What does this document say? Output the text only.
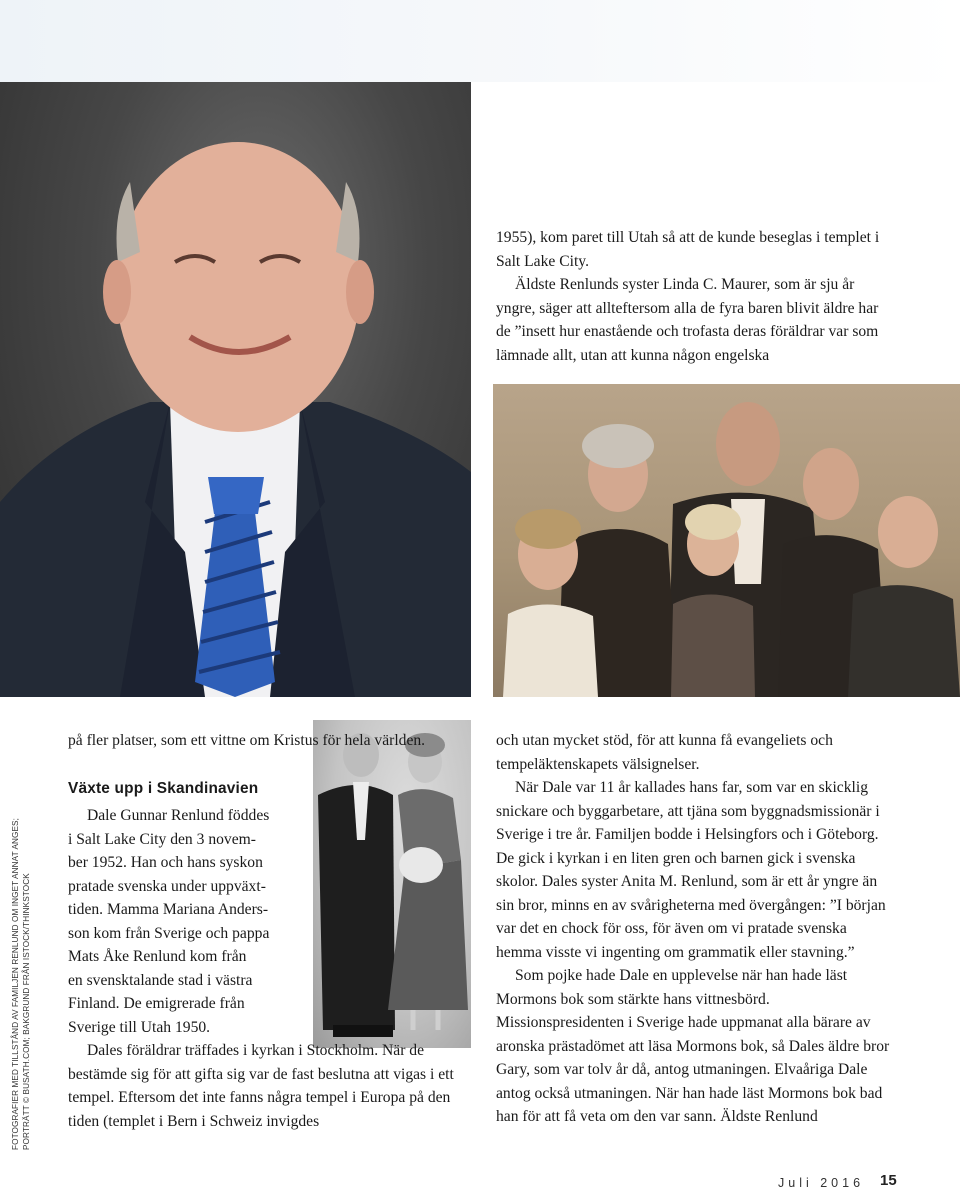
1955), kom paret till Utah så att de kunde beseglas i templet i Salt Lake City.

Äldste Renlunds syster Linda C. Maurer, som är sju år yngre, säger att allteftersom alla de fyra baren blivit äldre har de ”insett hur enastående och trofasta deras föräldrar var som lämnade allt, utan att kunna någon engelska

på fler platser, som ett vittne om Kristus för hela världen.

Växte upp i Skandinavien

Dale Gunnar Renlund föddes
i Salt Lake City den 3 novem-
ber 1952. Han och hans syskon
pratade svenska under uppväxt-
tiden. Mamma Mariana Anders-
son kom från Sverige och pappa
Mats Åke Renlund kom från
en svensktalande stad i västra
Finland. De emigrerade från
Sverige till Utah 1950.

Dales föräldrar träffades i kyrkan i Stockholm. När de bestämde sig för att gifta sig var de fast beslutna att vigas i ett tempel. Eftersom det inte fanns några tempel i Europa på den tiden (templet i Bern i Schweiz invigdes

och utan mycket stöd, för att kunna få evangeliets och tempeläktenskapets välsignelser.

När Dale var 11 år kallades hans far, som var en skicklig snickare och byggarbetare, att tjäna som byggnadsmissionär i Sverige i tre år. Familjen bodde i Helsingfors och i Göteborg. De gick i kyrkan i en liten gren och barnen gick i svenska skolor. Dales syster Anita M. Renlund, som är ett år yngre än sin bror, minns en av svårigheterna med övergången: ”I början var det en chock för oss, för även om vi pratade svenska hemma visste vi ingenting om grammatik eller stavning.”

Som pojke hade Dale en upplevelse när han hade läst Mormons bok som stärkte hans vittnesbörd. Missionspresidenten i Sverige hade uppmanat alla bärare av aronska prästadömet att läsa Mormons bok, så Dales äldre bror Gary, som var tolv år då, antog utmaningen. Elvaåriga Dale antog också utmaningen. När han hade läst Mormons bok bad han för att få veta om den var sann. Äldste Renlund

FOTOGRAFIER MED TILLSTÅND AV FAMILJEN RENLUND OM INGET ANNAT ANGES; PORTRÄTT © BUSATH.COM; BAKGRUND FRÅN ISTOCK/THINKSTOCK
Juli 2016 15
